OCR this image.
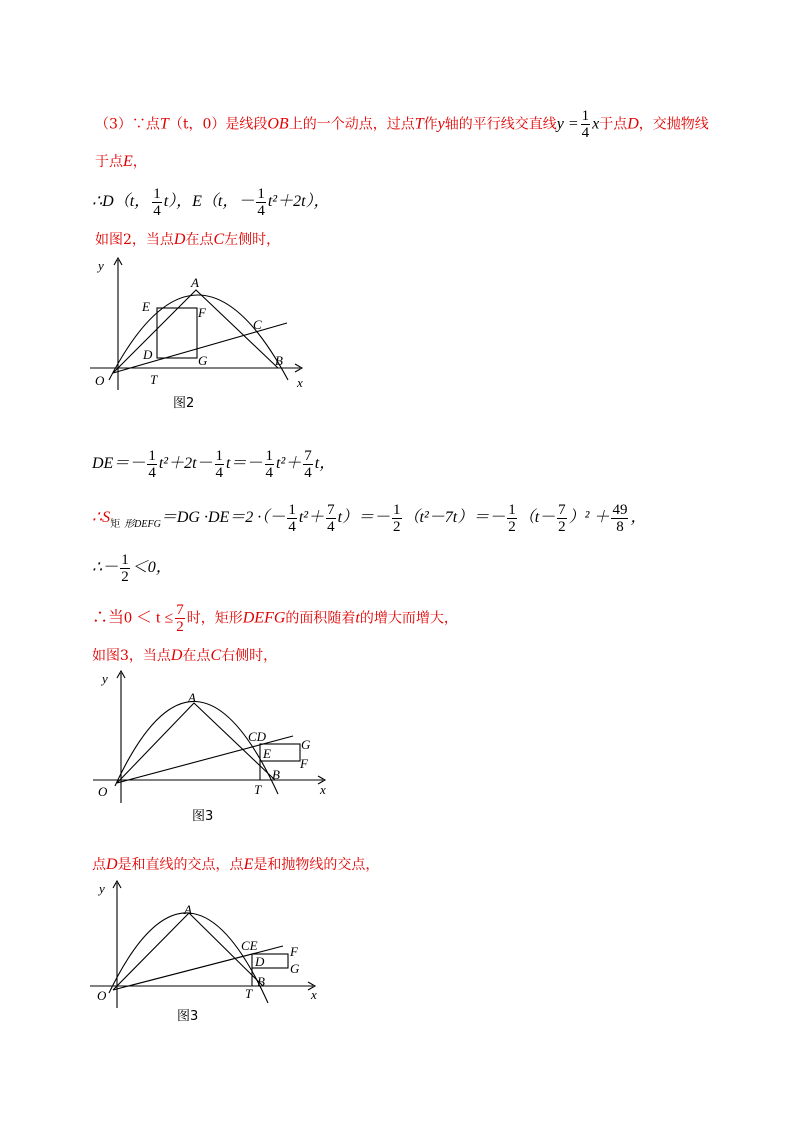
（3）∵点T（t，0）是线段OB上的一个动点，过点T作y轴的平行线交直线$y = \frac{1}{4}$ x于点D，交抛物线
于点E，
∴D（t， $\frac{1}{4} t$），E（t，－ $\frac{1}{4} t^2+2t$），
如图2，当点D在点C左侧时，
y
x
O
A
E	F
C
D	G	B
T
图2
$DE=- \frac{1}{4} t^2+2t- \frac{1}{4} t=- \frac{1}{4} t^2+ \frac{7}{4}$ t，
$\therefore S_矩$ $_{形DEFG}$＝DG ·DE＝2 ·（－ $\frac{1}{4} t^2+ \frac{7}{4} t)=- \frac{1}{2} (t^2-7t)=- \frac{1}{2} (t- \frac{7}{2} )^2 + \frac{49}{8}$ ，
∴－ $\frac{1}{2} <0$，
∴当$0 < t \le \frac{7}{2}$ 时，矩形DEFG的面积随着t的增大而增大，
如图3，当点D在点C右侧时，
y
x
O
A
CD
G
E
F
B
T
图3
点D是和直线的交点，点E是和抛物线的交点，
y
x
O
A
CE F
D G
T
B
图3
